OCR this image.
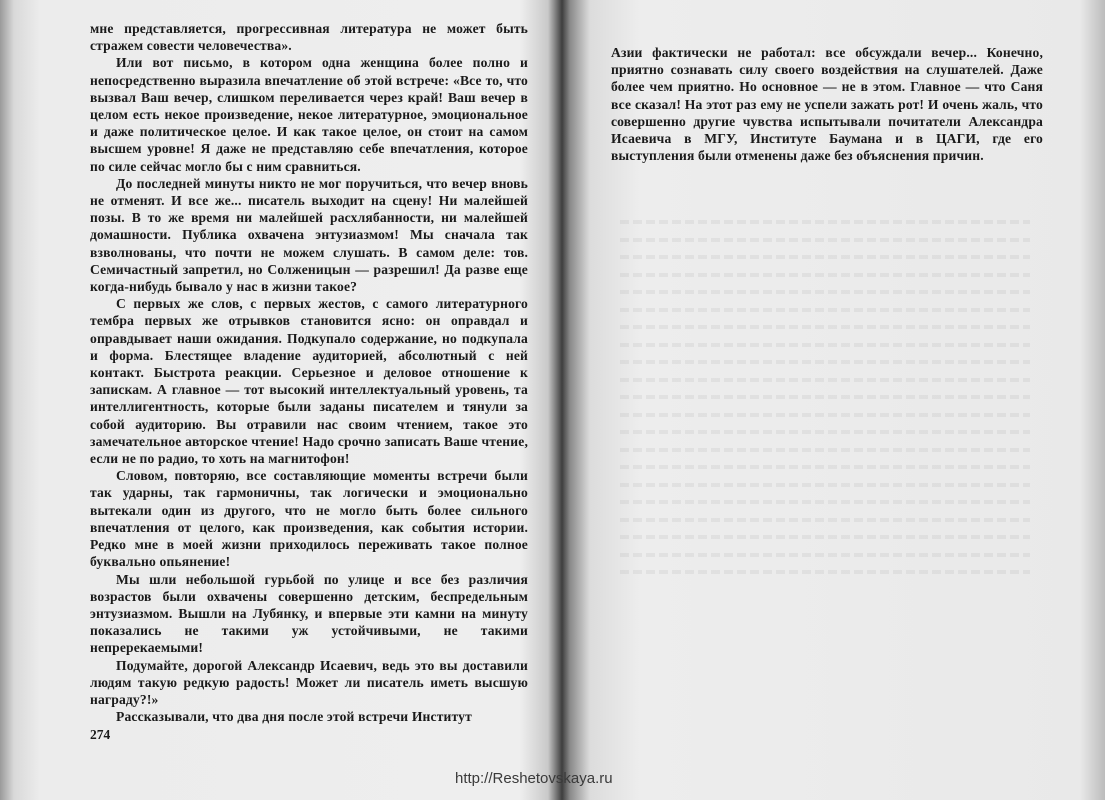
мне представляется, прогрессивная литература не может быть стражем совести человечества».

Или вот письмо, в котором одна женщина более полно и непосредственно выразила впечатление об этой встрече: «Все то, что вызвал Ваш вечер, слишком переливается через край! Ваш вечер в целом есть некое произведение, некое литературное, эмоциональное и даже политическое целое. И как такое целое, он стоит на самом высшем уровне! Я даже не представляю себе впечатления, которое по силе сейчас могло бы с ним сравниться.

До последней минуты никто не мог поручиться, что вечер вновь не отменят. И все же... писатель выходит на сцену! Ни малейшей позы. В то же время ни малейшей расхлябанности, ни малейшей домашности. Публика охвачена энтузиазмом! Мы сначала так взволнованы, что почти не можем слушать. В самом деле: тов. Семичастный запретил, но Солженицын — разрешил! Да разве еще когда-нибудь бывало у нас в жизни такое?

С первых же слов, с первых жестов, с самого литературного тембра первых же отрывков становится ясно: он оправдал и оправдывает наши ожидания. Подкупало содержание, но подкупала и форма. Блестящее владение аудиторией, абсолютный с ней контакт. Быстрота реакции. Серьезное и деловое отношение к запискам. А главное — тот высокий интеллектуальный уровень, та интеллигентность, которые были заданы писателем и тянули за собой аудиторию. Вы отравили нас своим чтением, такое это замечательное авторское чтение! Надо срочно записать Ваше чтение, если не по радио, то хоть на магнитофон!

Словом, повторяю, все составляющие моменты встречи были так ударны, так гармоничны, так логически и эмоционально вытекали один из другого, что не могло быть более сильного впечатления от целого, как произведения, как события истории. Редко мне в моей жизни приходилось переживать такое полное буквально опьянение!

Мы шли небольшой гурьбой по улице и все без различия возрастов были охвачены совершенно детским, беспредельным энтузиазмом. Вышли на Лубянку, и впервые эти камни на минуту показались не такими уж устойчивыми, не такими непререкаемыми!

Подумайте, дорогой Александр Исаевич, ведь это вы доставили людям такую редкую радость! Может ли писатель иметь высшую награду?!»

Рассказывали, что два дня после этой встречи Институт

274

Азии фактически не работал: все обсуждали вечер... Конечно, приятно сознавать силу своего воздействия на слушателей. Даже более чем приятно. Но основное — не в этом. Главное — что Саня все сказал! На этот раз ему не успели зажать рот! И очень жаль, что совершенно другие чувства испытывали почитатели Александра Исаевича в МГУ, Институте Баумана и в ЦАГИ, где его выступления были отменены даже без объяснения причин.

http://Reshetovskaya.ru
